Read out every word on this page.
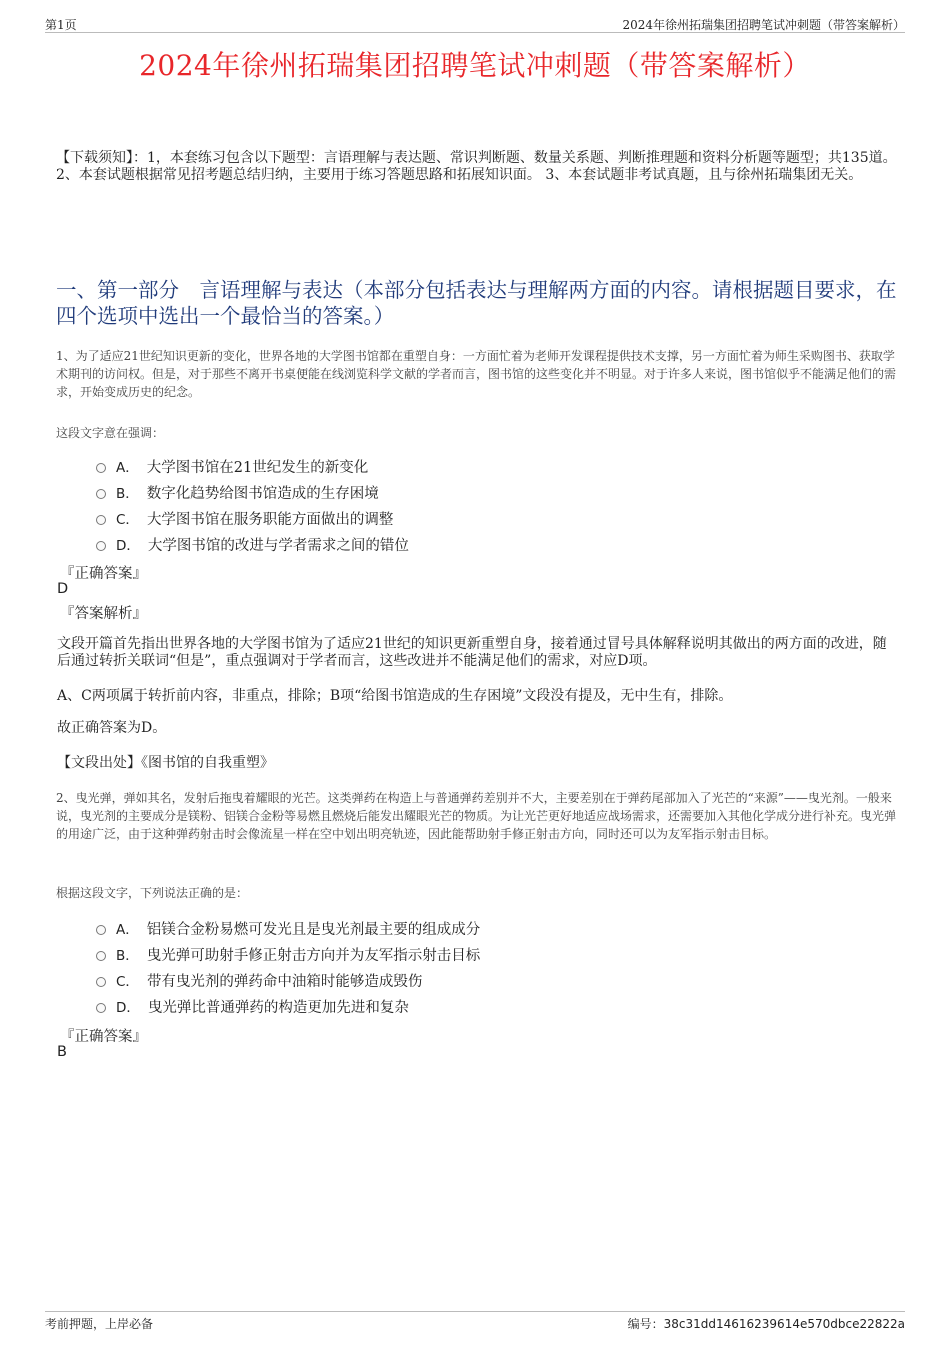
第1页	2024年徐州拓瑞集团招聘笔试冲刺题（带答案解析）
2024年徐州拓瑞集团招聘笔试冲刺题（带答案解析）
【下载须知】：1，本套练习包含以下题型：言语理解与表达题、常识判断题、数量关系题、判断推理题和资料分析题等题型；共135道。 2、本套试题根据常见招考题总结归纳，主要用于练习答题思路和拓展知识面。 3、本套试题非考试真题，且与徐州拓瑞集团无关。
一、第一部分　言语理解与表达（本部分包括表达与理解两方面的内容。请根据题目要求，在四个选项中选出一个最恰当的答案。）
1、为了适应21世纪知识更新的变化，世界各地的大学图书馆都在重塑自身：一方面忙着为老师开发课程提供技术支撑，另一方面忙着为师生采购图书、获取学术期刊的访问权。但是，对于那些不离开书桌便能在线浏览科学文献的学者而言，图书馆的这些变化并不明显。对于许多人来说，图书馆似乎不能满足他们的需求，开始变成历史的纪念。
这段文字意在强调：
A． 大学图书馆在21世纪发生的新变化
B． 数字化趋势给图书馆造成的生存困境
C． 大学图书馆在服务职能方面做出的调整
D． 大学图书馆的改进与学者需求之间的错位
『正确答案』
D
『答案解析』
文段开篇首先指出世界各地的大学图书馆为了适应21世纪的知识更新重塑自身，接着通过冒号具体解释说明其做出的两方面的改进，随后通过转折关联词“但是”，重点强调对于学者而言，这些改进并不能满足他们的需求，对应D项。
A、C两项属于转折前内容，非重点，排除；B项“给图书馆造成的生存困境”文段没有提及，无中生有，排除。
故正确答案为D。
【文段出处】《图书馆的自我重塑》
2、曳光弹，弹如其名，发射后拖曳着耀眼的光芒。这类弹药在构造上与普通弹药差别并不大，主要差别在于弹药尾部加入了光芒的“来源”——曳光剂。一般来说，曳光剂的主要成分是镁粉、铝镁合金粉等易燃且燃烧后能发出耀眼光芒的物质。为让光芒更好地适应战场需求，还需要加入其他化学成分进行补充。曳光弹的用途广泛，由于这种弹药射击时会像流星一样在空中划出明亮轨迹，因此能帮助射手修正射击方向，同时还可以为友军指示射击目标。
根据这段文字，下列说法正确的是：
A． 铝镁合金粉易燃可发光且是曳光剂最主要的组成成分
B． 曳光弹可助射手修正射击方向并为友军指示射击目标
C． 带有曳光剂的弹药命中油箱时能够造成毁伤
D． 曳光弹比普通弹药的构造更加先进和复杂
『正确答案』
B
考前押题，上岸必备	编号：38c31dd14616239614e570dbce22822a
